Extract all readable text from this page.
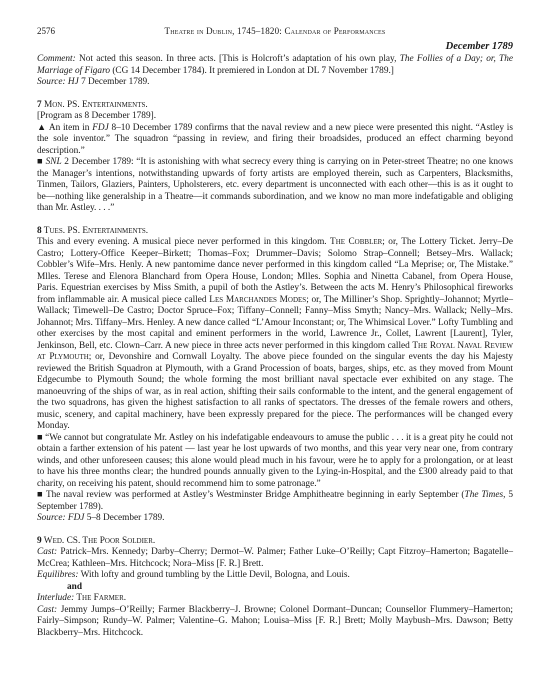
2576	Theatre in Dublin, 1745–1820: Calendar of Performances
December 1789

Comment: Not acted this season. In three acts. [This is Holcroft’s adaptation of his own play, The Follies of a Day; or, The Marriage of Figaro (CG 14 December 1784). It premiered in London at DL 7 November 1789.]

Source: HJ 7 December 1789.

7 Mon. PS. Entertainments.

[Program as 8 December 1789].

▲ An item in FDJ 8–10 December 1789 confirms that the naval review and a new piece were presented this night. “Astley is the sole inventor.” The squadron “passing in review, and firing their broadsides, produced an effect charming beyond description.”

■ SNL 2 December 1789: “It is astonishing with what secrecy every thing is carrying on in Peter-street Theatre; no one knows the Manager’s intentions, notwithstanding upwards of forty artists are employed therein, such as Carpenters, Blacksmiths, Tinmen, Tailors, Glaziers, Painters, Upholsterers, etc. every department is unconnected with each other—this is as it ought to be—nothing like generalship in a Theatre—it commands subordination, and we know no man more indefatigable and obliging than Mr. Astley. . . .”

8 Tues. PS. Entertainments.

This and every evening. A musical piece never performed in this kingdom. The Cobbler; or, The Lottery Ticket. Jerry–De Castro; Lottery-Office Keeper–Birkett; Thomas–Fox; Drummer–Davis; Solomo Strap–Connell; Betsey–Mrs. Wallack; Cobbler’s Wife–Mrs. Henly. A new pantomime dance never performed in this kingdom called “La Meprise; or, The Mistake.” Mlles. Terese and Elenora Blanchard from Opera House, London; Mlles. Sophia and Ninetta Cabanel, from Opera House, Paris. Equestrian exercises by Miss Smith, a pupil of both the Astley’s. Between the acts M. Henry’s Philosophical fireworks from inflammable air. A musical piece called Les Marchandes Modes; or, The Milliner’s Shop. Sprightly–Johannot; Myrtle–Wallack; Timewell–De Castro; Doctor Spruce–Fox; Tiffany–Connell; Fanny–Miss Smyth; Nancy–Mrs. Wallack; Nelly–Mrs. Johannot; Mrs. Tiffany–Mrs. Henley. A new dance called “L’Amour Inconstant; or, The Whimsical Lover.” Lofty Tumbling and other exercises by the most capital and eminent performers in the world, Lawrence Jr., Collet, Lawrent [Laurent], Tyler, Jenkinson, Bell, etc. Clown–Carr. A new piece in three acts never performed in this kingdom called The Royal Naval Review at Plymouth; or, Devonshire and Cornwall Loyalty. The above piece founded on the singular events the day his Majesty reviewed the British Squadron at Plymouth, with a Grand Procession of boats, barges, ships, etc. as they moved from Mount Edgecumbe to Plymouth Sound; the whole forming the most brilliant naval spectacle ever exhibited on any stage. The manoeuvring of the ships of war, as in real action, shifting their sails conformable to the intent, and the general engagement of the two squadrons, has given the highest satisfaction to all ranks of spectators. The dresses of the female rowers and others, music, scenery, and capital machinery, have been expressly prepared for the piece. The performances will be changed every Monday.

■ “We cannot but congratulate Mr. Astley on his indefatigable endeavours to amuse the public . . . it is a great pity he could not obtain a farther extension of his patent — last year he lost upwards of two months, and this year very near one, from contrary winds, and other unforeseen causes; this alone would plead much in his favour, were he to apply for a prolongation, or at least to have his three months clear; the hundred pounds annually given to the Lying-in-Hospital, and the £300 already paid to that charity, on receiving his patent, should recommend him to some patronage.”

■ The naval review was performed at Astley’s Westminster Bridge Amphitheatre beginning in early September (The Times, 5 September 1789).

Source: FDJ 5–8 December 1789.

9 Wed. CS. The Poor Soldier.

Cast: Patrick–Mrs. Kennedy; Darby–Cherry; Dermot–W. Palmer; Father Luke–O’Reilly; Capt Fitzroy–Hamerton; Bagatelle–McCrea; Kathleen–Mrs. Hitchcock; Nora–Miss [F. R.] Brett.

Equilibres: With lofty and ground tumbling by the Little Devil, Bologna, and Louis.

and

Interlude: The Farmer.

Cast: Jemmy Jumps–O’Reilly; Farmer Blackberry–J. Browne; Colonel Dormant–Duncan; Counsellor Flummery–Hamerton; Fairly–Simpson; Rundy–W. Palmer; Valentine–G. Mahon; Louisa–Miss [F. R.] Brett; Molly Maybush–Mrs. Dawson; Betty Blackberry–Mrs. Hitchcock.
